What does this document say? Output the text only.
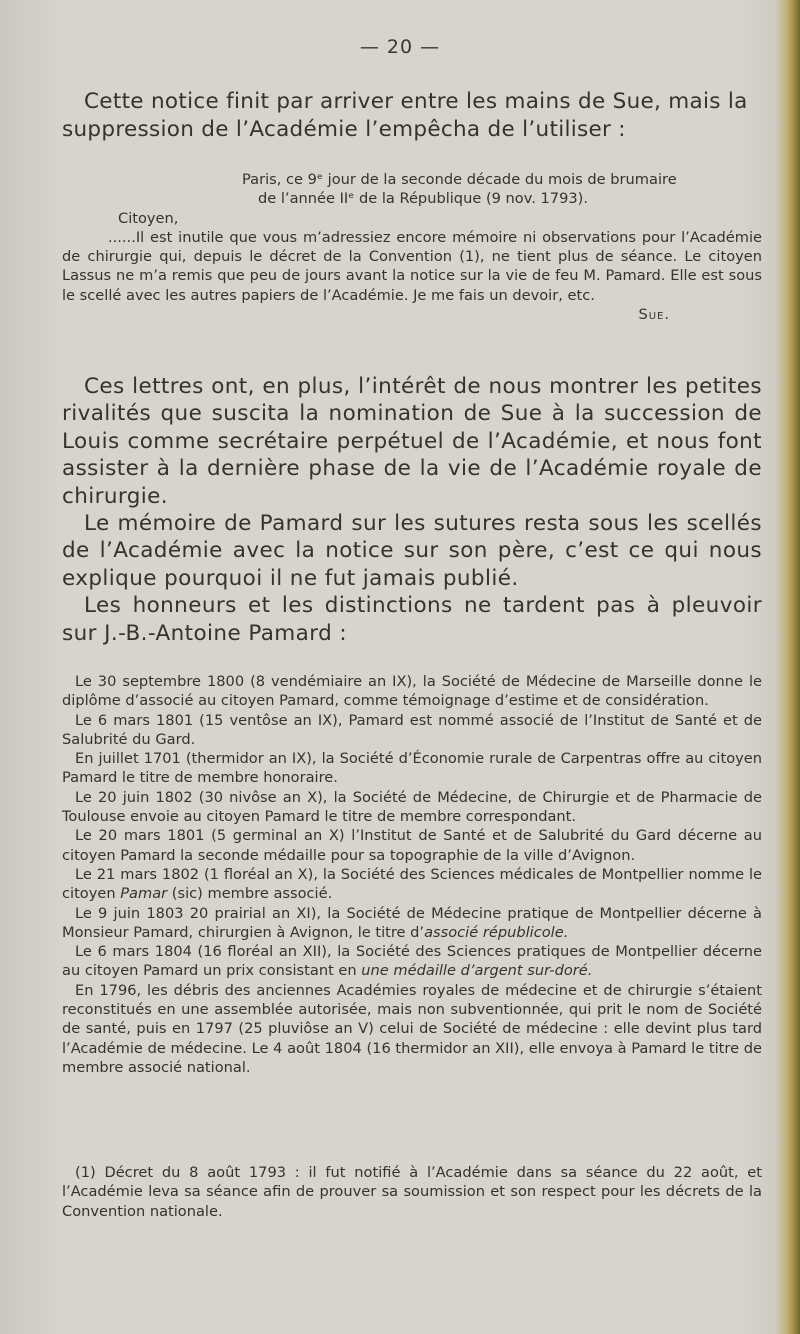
— 20 —
Cette notice finit par arriver entre les mains de Sue, mais la suppression de l’Académie l’empêcha de l’utiliser :
Paris, ce 9ᵉ jour de la seconde décade du mois de brumaire
de l’année IIᵉ de la République (9 nov. 1793).
Citoyen,
......Il est inutile que vous m’adressiez encore mémoire ni observations pour l’Académie de chirurgie qui, depuis le décret de la Convention (1), ne tient plus de séance. Le citoyen Lassus ne m’a remis que peu de jours avant la notice sur la vie de feu M. Pamard. Elle est sous le scellé avec les autres papiers de l’Académie. Je me fais un devoir, etc.
Sue.

Ces lettres ont, en plus, l’intérêt de nous montrer les petites rivalités que suscita la nomination de Sue à la succession de Louis comme secrétaire perpétuel de l’Académie, et nous font assister à la dernière phase de la vie de l’Académie royale de chirurgie.

Le mémoire de Pamard sur les sutures resta sous les scellés de l’Académie avec la notice sur son père, c’est ce qui nous explique pourquoi il ne fut jamais publié.

Les honneurs et les distinctions ne tardent pas à pleuvoir sur J.-B.-Antoine Pamard :

Le 30 septembre 1800 (8 vendémiaire an IX), la Société de Médecine de Marseille donne le diplôme d’associé au citoyen Pamard, comme témoignage d’estime et de considération.

Le 6 mars 1801 (15 ventôse an IX), Pamard est nommé associé de l’Institut de Santé et de Salubrité du Gard.

En juillet 1701 (thermidor an IX), la Société d’Économie rurale de Carpentras offre au citoyen Pamard le titre de membre honoraire.

Le 20 juin 1802 (30 nivôse an X), la Société de Médecine, de Chirurgie et de Pharmacie de Toulouse envoie au citoyen Pamard le titre de membre correspondant.

Le 20 mars 1801 (5 germinal an X) l’Institut de Santé et de Salubrité du Gard décerne au citoyen Pamard la seconde médaille pour sa topographie de la ville d’Avignon.

Le 21 mars 1802 (1 floréal an X), la Société des Sciences médicales de Montpellier nomme le citoyen Pamar (sic) membre associé.

Le 9 juin 1803 20 prairial an XI), la Société de Médecine pratique de Montpellier décerne à Monsieur Pamard, chirurgien à Avignon, le titre d’associé républicole.

Le 6 mars 1804 (16 floréal an XII), la Société des Sciences pratiques de Montpellier décerne au citoyen Pamard un prix consistant en une médaille d’argent sur-doré.

En 1796, les débris des anciennes Académies royales de médecine et de chirurgie s’étaient reconstitués en une assemblée autorisée, mais non subventionnée, qui prit le nom de Société de santé, puis en 1797 (25 pluviôse an V) celui de Société de médecine : elle devint plus tard l’Académie de médecine. Le 4 août 1804 (16 thermidor an XII), elle envoya à Pamard le titre de membre associé national.

(1) Décret du 8 août 1793 : il fut notifié à l’Académie dans sa séance du 22 août, et l’Académie leva sa séance afin de prouver sa soumission et son respect pour les décrets de la Convention nationale.
